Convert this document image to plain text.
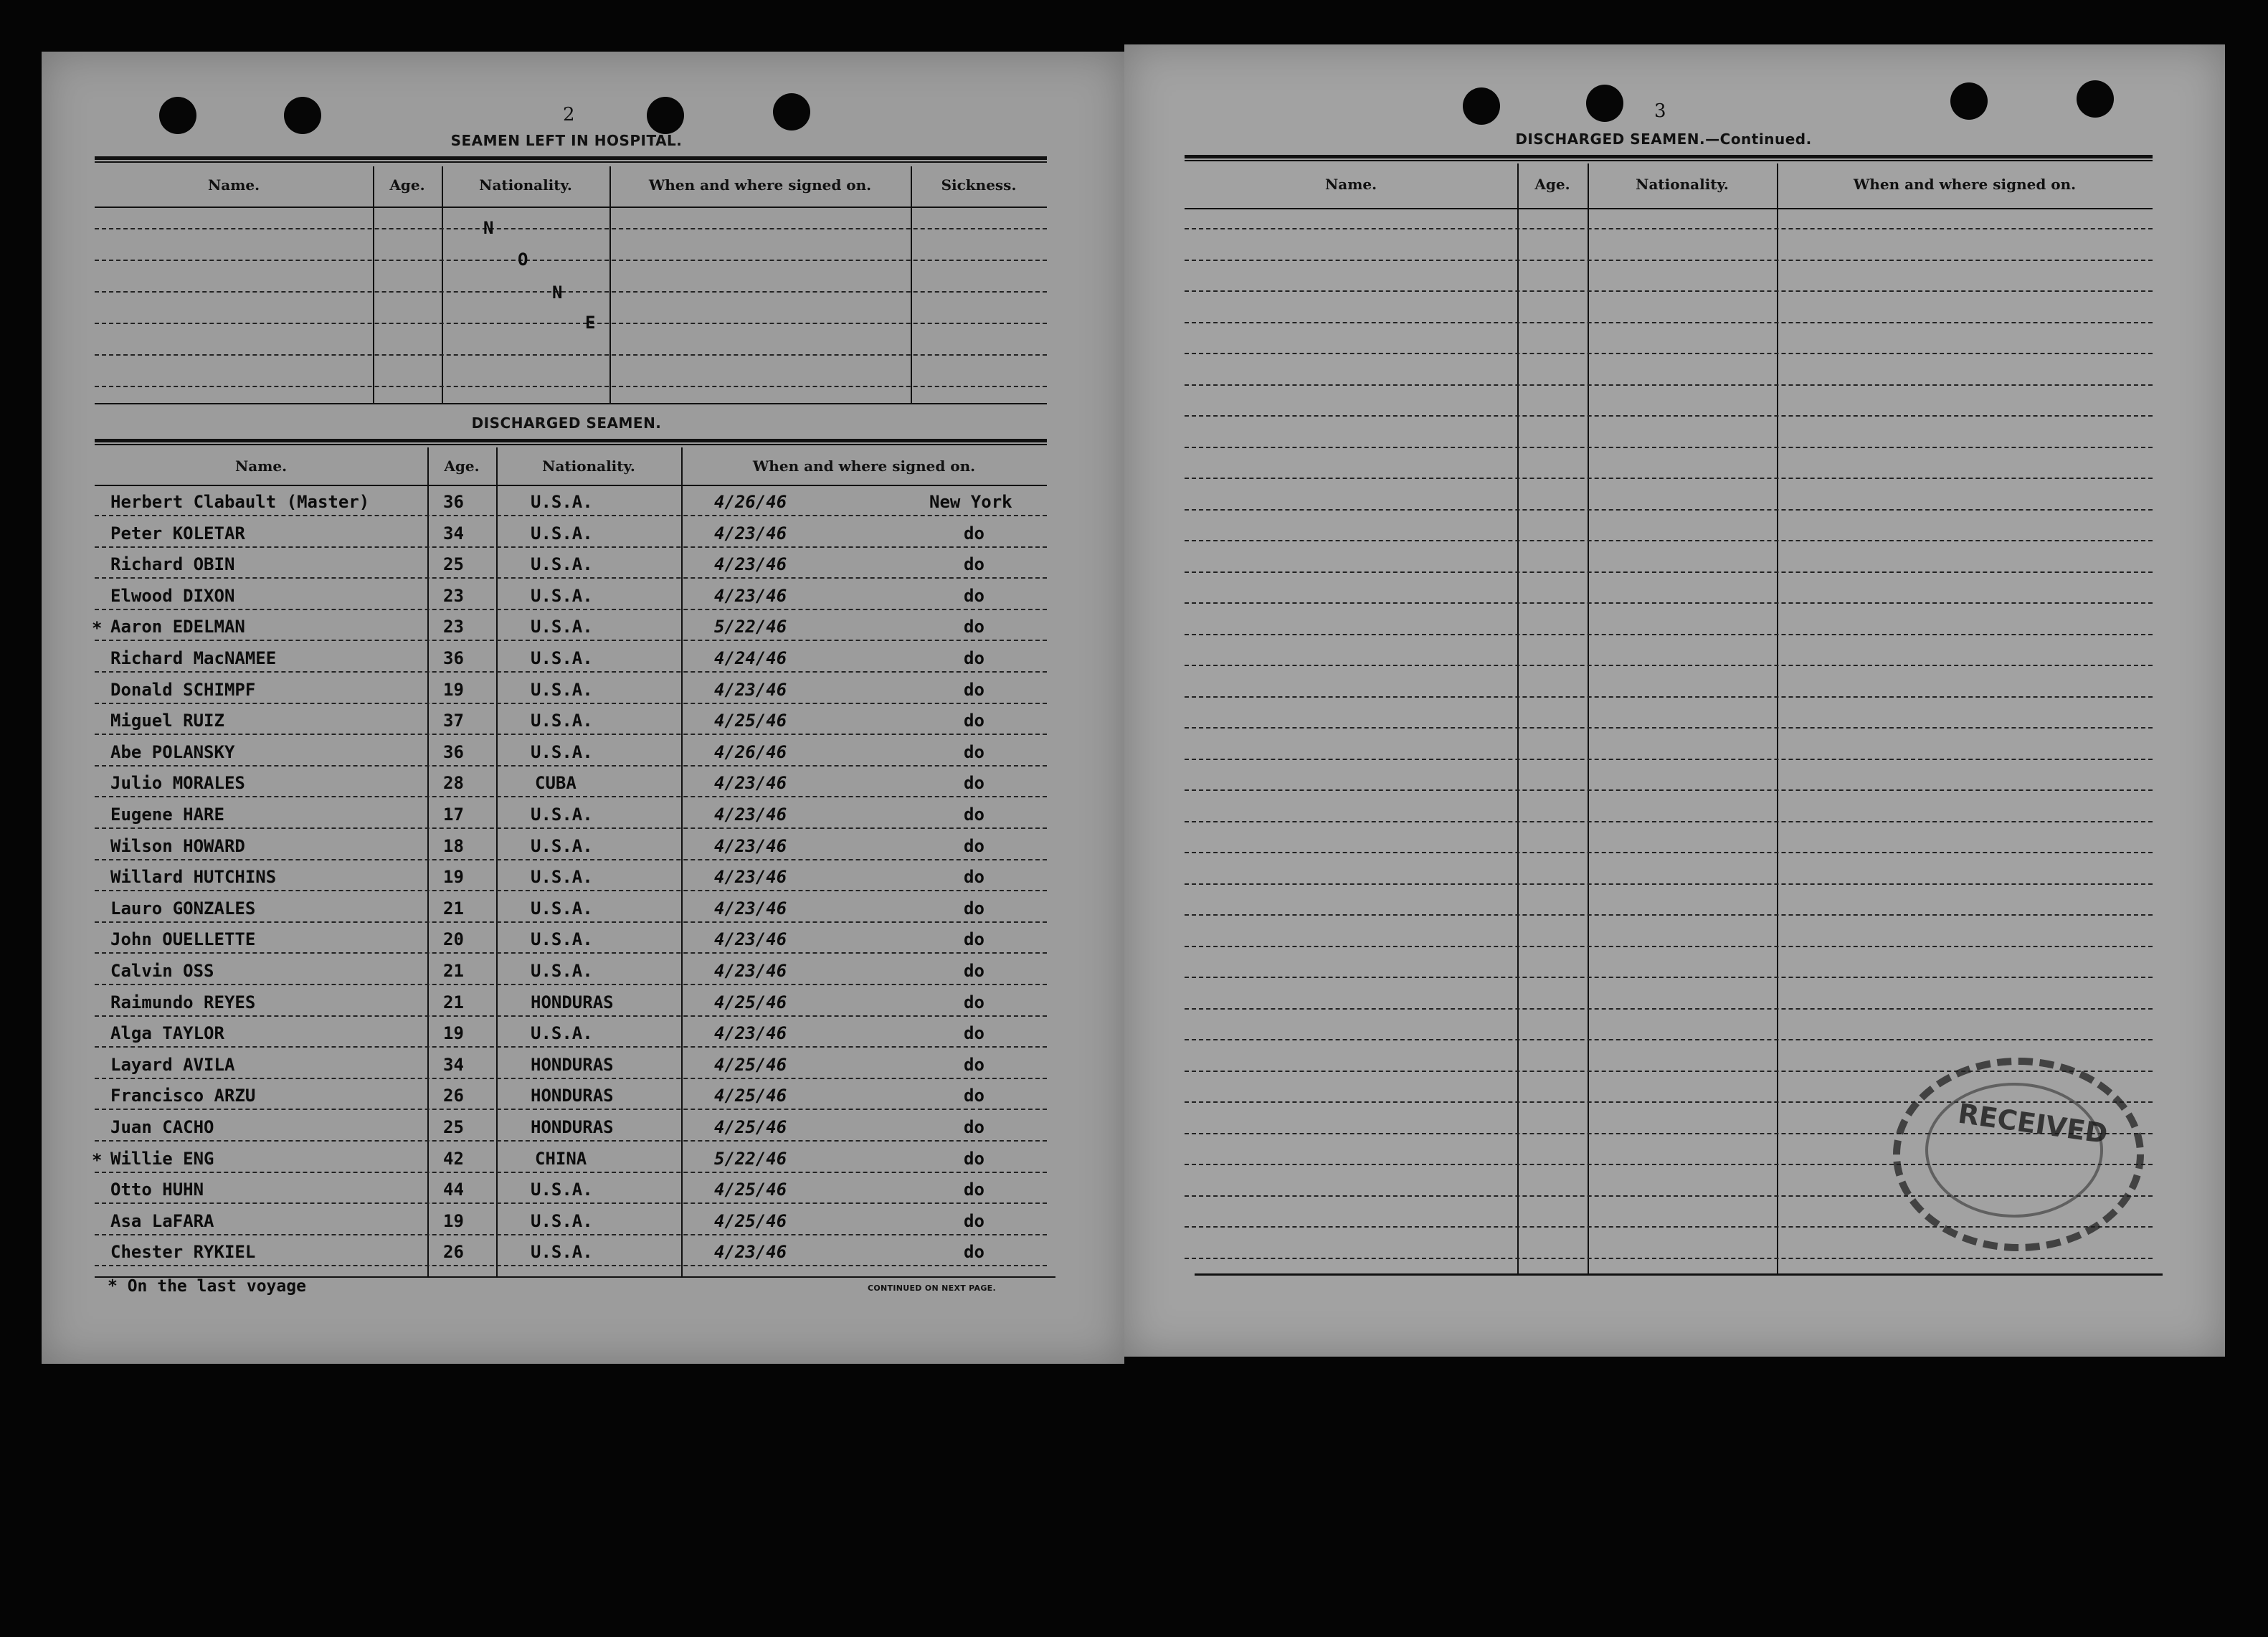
2
SEAMEN LEFT IN HOSPITAL.
Name.	Age.	Nationality.	When and where signed on.	Sickness.
N
O
N
E
DISCHARGED SEAMEN.
Name.	Age.	Nationality.	When and where signed on.
Herbert Clabault (Master)	36	U.S.A.	4/26/46	New York
Peter KOLETAR	34	U.S.A.	4/23/46	do
Richard OBIN	25	U.S.A.	4/23/46	do
Elwood DIXON	23	U.S.A.	4/23/46	do
* Aaron EDELMAN	23	U.S.A.	5/22/46	do
Richard MacNAMEE	36	U.S.A.	4/24/46	do
Donald SCHIMPF	19	U.S.A.	4/23/46	do
Miguel RUIZ	37	U.S.A.	4/25/46	do
Abe POLANSKY	36	U.S.A.	4/26/46	do
Julio MORALES	28	CUBA	4/23/46	do
Eugene HARE	17	U.S.A.	4/23/46	do
Wilson HOWARD	18	U.S.A.	4/23/46	do
Willard HUTCHINS	19	U.S.A.	4/23/46	do
Lauro GONZALES	21	U.S.A.	4/23/46	do
John OUELLETTE	20	U.S.A.	4/23/46	do
Calvin OSS	21	U.S.A.	4/23/46	do
Raimundo REYES	21	HONDURAS	4/25/46	do
Alga TAYLOR	19	U.S.A.	4/23/46	do
Layard AVILA	34	HONDURAS	4/25/46	do
Francisco ARZU	26	HONDURAS	4/25/46	do
Juan CACHO	25	HONDURAS	4/25/46	do
* Willie ENG	42	CHINA	5/22/46	do
Otto HUHN	44	U.S.A.	4/25/46	do
Asa LaFARA	19	U.S.A.	4/25/46	do
Chester RYKIEL	26	U.S.A.	4/23/46	do
* On the last voyage	CONTINUED ON NEXT PAGE.
3
DISCHARGED SEAMEN.—Continued.
Name.	Age.	Nationality.	When and where signed on.
RECEIVED
